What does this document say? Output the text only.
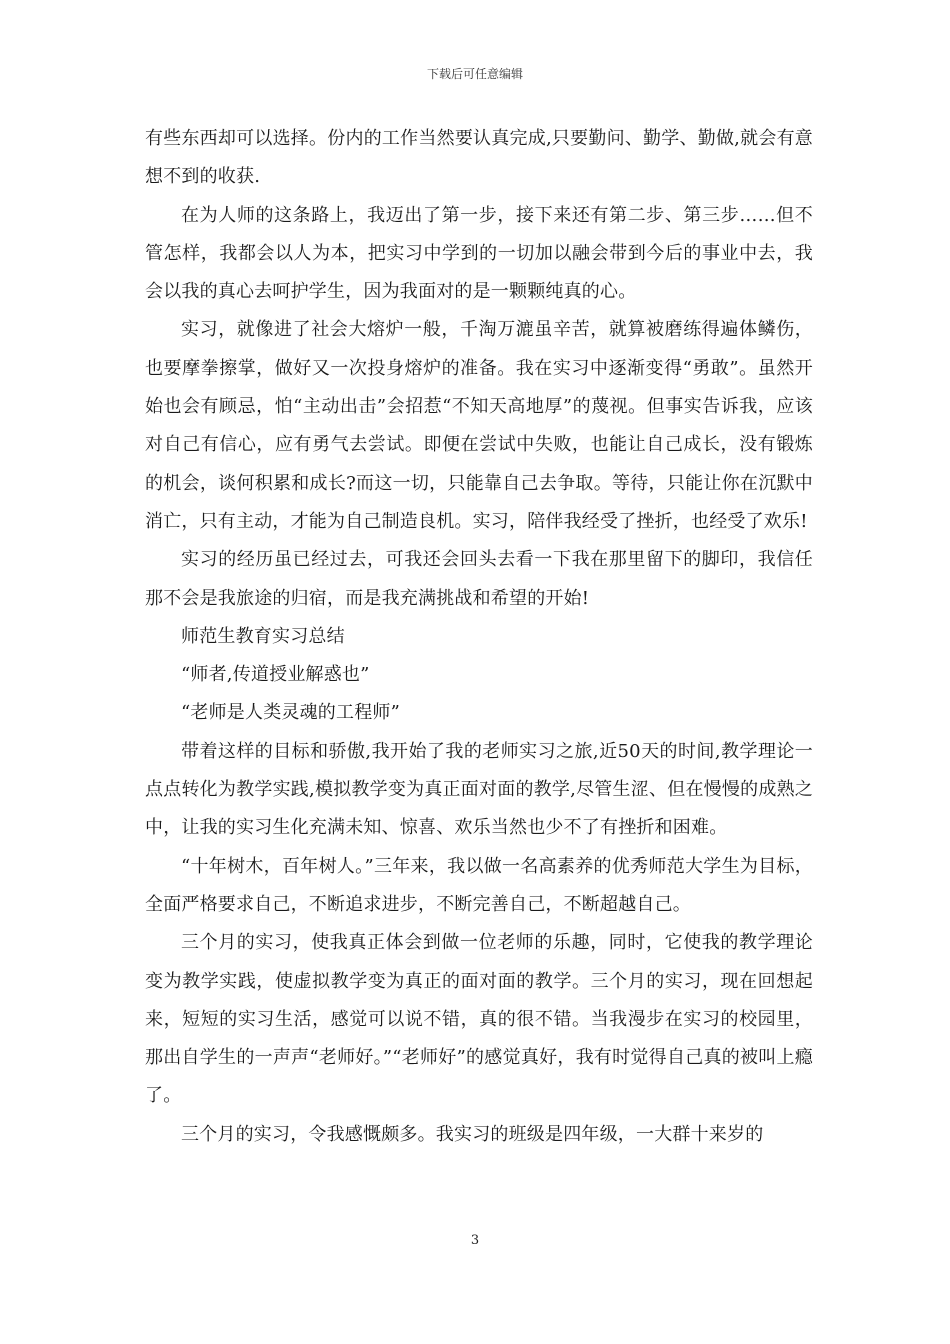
下载后可任意编辑

有些东西却可以选择。份内的工作当然要认真完成,只要勤问、勤学、勤做,就会有意想不到的收获.

在为人师的这条路上，我迈出了第一步，接下来还有第二步、第三步……但不管怎样，我都会以人为本，把实习中学到的一切加以融会带到今后的事业中去，我会以我的真心去呵护学生，因为我面对的是一颗颗纯真的心。

实习，就像进了社会大熔炉一般，千淘万漉虽辛苦，就算被磨练得遍体鳞伤，也要摩拳擦掌，做好又一次投身熔炉的准备。我在实习中逐渐变得“勇敢”。虽然开始也会有顾忌，怕“主动出击”会招惹“不知天高地厚”的蔑视。但事实告诉我，应该对自己有信心，应有勇气去尝试。即便在尝试中失败，也能让自己成长，没有锻炼的机会，谈何积累和成长?而这一切，只能靠自己去争取。等待，只能让你在沉默中消亡，只有主动，才能为自己制造良机。实习，陪伴我经受了挫折，也经受了欢乐!

实习的经历虽已经过去，可我还会回头去看一下我在那里留下的脚印，我信任那不会是我旅途的归宿，而是我充满挑战和希望的开始!

师范生教育实习总结

“师者,传道授业解惑也”

“老师是人类灵魂的工程师”

带着这样的目标和骄傲,我开始了我的老师实习之旅,近50天的时间,教学理论一点点转化为教学实践,模拟教学变为真正面对面的教学,尽管生涩、但在慢慢的成熟之中，让我的实习生化充满未知、惊喜、欢乐当然也少不了有挫折和困难。

“十年树木，百年树人。”三年来，我以做一名高素养的优秀师范大学生为目标，全面严格要求自己，不断追求进步，不断完善自己，不断超越自己。

三个月的实习，使我真正体会到做一位老师的乐趣，同时，它使我的教学理论变为教学实践，使虚拟教学变为真正的面对面的教学。三个月的实习，现在回想起来，短短的实习生活，感觉可以说不错，真的很不错。当我漫步在实习的校园里，那出自学生的一声声“老师好。”“老师好”的感觉真好，我有时觉得自己真的被叫上瘾了。

三个月的实习，令我感慨颇多。我实习的班级是四年级，一大群十来岁的

3
